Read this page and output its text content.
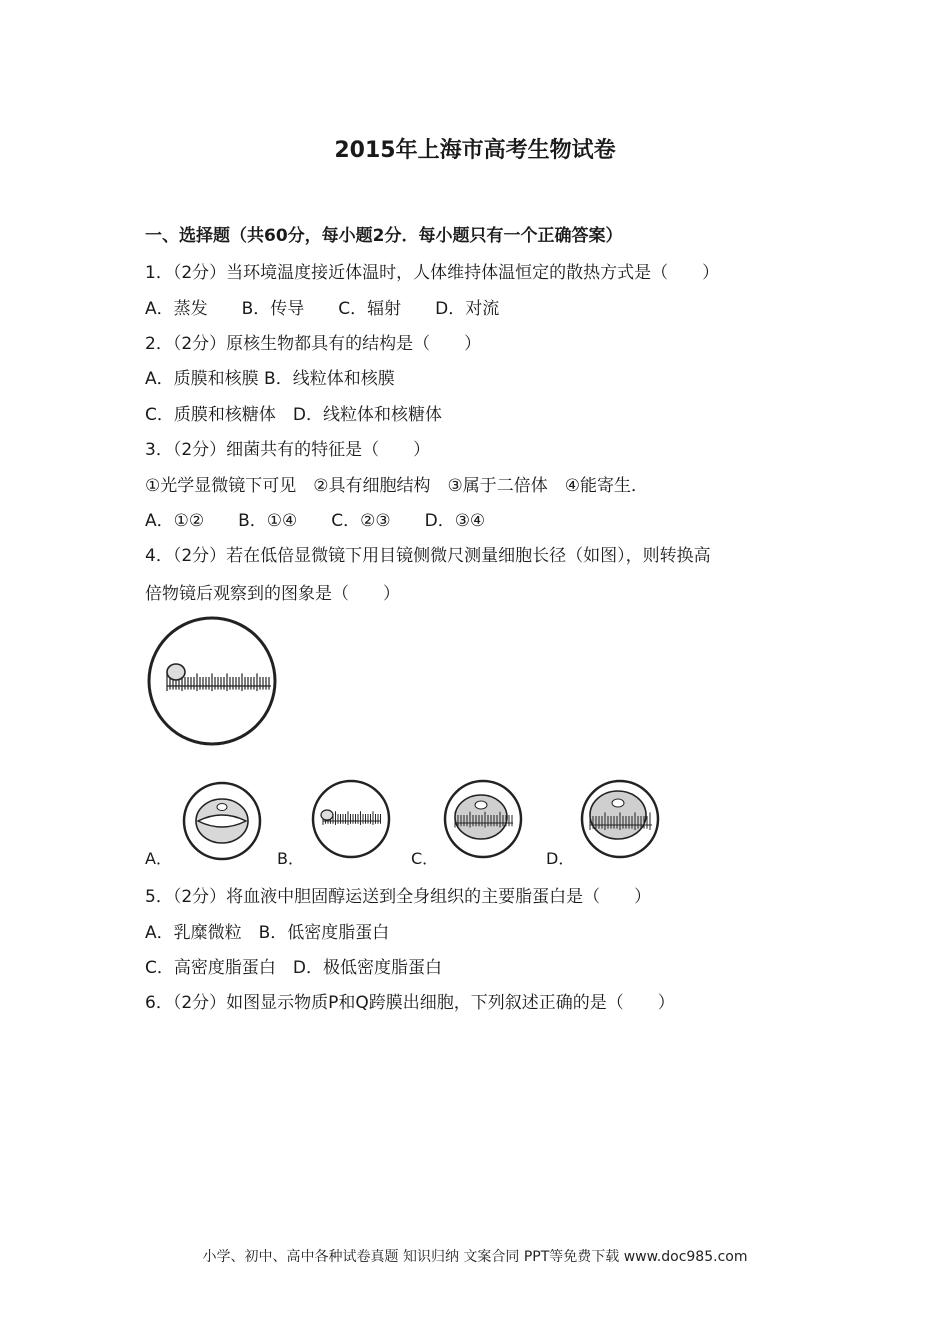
2015年上海市高考生物试卷
一、选择题（共60分，每小题2分．每小题只有一个正确答案）
1．（2分）当环境温度接近体温时，人体维持体温恒定的散热方式是（　　）
A．蒸发　　B．传导　　C．辐射　　D．对流
2．（2分）原核生物都具有的结构是（　　）
A．质膜和核膜 B．线粒体和核膜
C．质膜和核糖体　D．线粒体和核糖体
3．（2分）细菌共有的特征是（　　）
①光学显微镜下可见　②具有细胞结构　③属于二倍体　④能寄生．
A．①②　　B．①④　　C．②③　　D．③④
4．（2分）若在低倍显微镜下用目镜侧微尺测量细胞长径（如图），则转换高
倍物镜后观察到的图象是（　　）
A．	B．	C．	D．
5．（2分）将血液中胆固醇运送到全身组织的主要脂蛋白是（　　）
A．乳糜微粒　B．低密度脂蛋白
C．高密度脂蛋白　D．极低密度脂蛋白
6．（2分）如图显示物质P和Q跨膜出细胞，下列叙述正确的是（　　）
小学、初中、高中各种试卷真题 知识归纳 文案合同 PPT等免费下载 www.doc985.com
